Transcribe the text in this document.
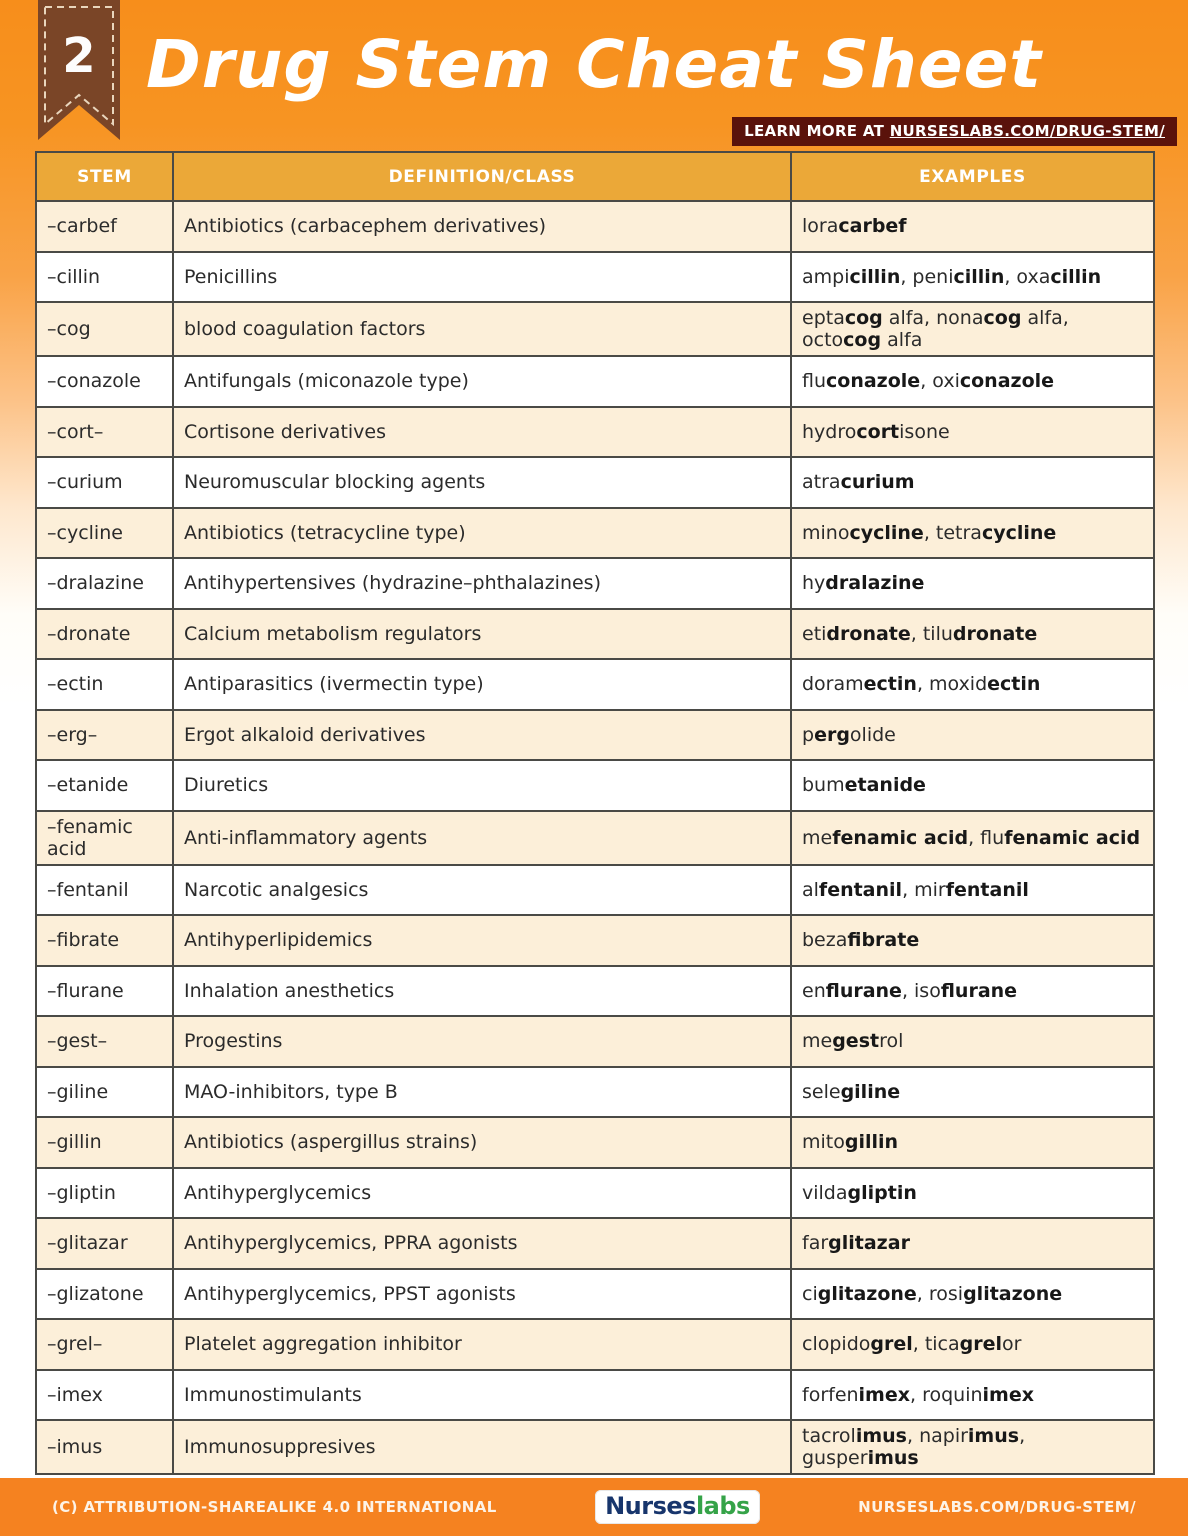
2 Drug Stem Cheat Sheet
LEARN MORE AT NURSESLABS.COM/DRUG-STEM/
STEM	DEFINITION/CLASS	EXAMPLES
–carbef	Antibiotics (carbacephem derivatives)	loracarbef
–cillin	Penicillins	ampicillin, penicillin, oxacillin
–cog	blood coagulation factors	eptacog alfa, nonacog alfa, octocog alfa
–conazole	Antifungals (miconazole type)	fluconazole, oxiconazole
–cort–	Cortisone derivatives	hydrocortisone
–curium	Neuromuscular blocking agents	atracurium
–cycline	Antibiotics (tetracycline type)	minocycline, tetracycline
–dralazine	Antihypertensives (hydrazine–phthalazines)	hydralazine
–dronate	Calcium metabolism regulators	etidronate, tiludronate
–ectin	Antiparasitics (ivermectin type)	doramectin, moxidectin
–erg–	Ergot alkaloid derivatives	pergolide
–etanide	Diuretics	bumetanide
–fenamic acid	Anti-inflammatory agents	mefenamic acid, flufenamic acid
–fentanil	Narcotic analgesics	alfentanil, mirfentanil
–fibrate	Antihyperlipidemics	bezafibrate
–flurane	Inhalation anesthetics	enflurane, isoflurane
–gest–	Progestins	megestrol
–giline	MAO-inhibitors, type B	selegiline
–gillin	Antibiotics (aspergillus strains)	mitogillin
–gliptin	Antihyperglycemics	vildagliptin
–glitazar	Antihyperglycemics, PPRA agonists	farglitazar
–glizatone	Antihyperglycemics, PPST agonists	ciglitazone, rosiglitazone
–grel–	Platelet aggregation inhibitor	clopidogrel, ticagrelor
–imex	Immunostimulants	forfenimex, roquinimex
–imus	Immunosuppresives	tacrolimus, napirimus, gusperimus
(C) ATTRIBUTION-SHAREALIKE 4.0 INTERNATIONAL	Nurseslabs	NURSESLABS.COM/DRUG-STEM/
